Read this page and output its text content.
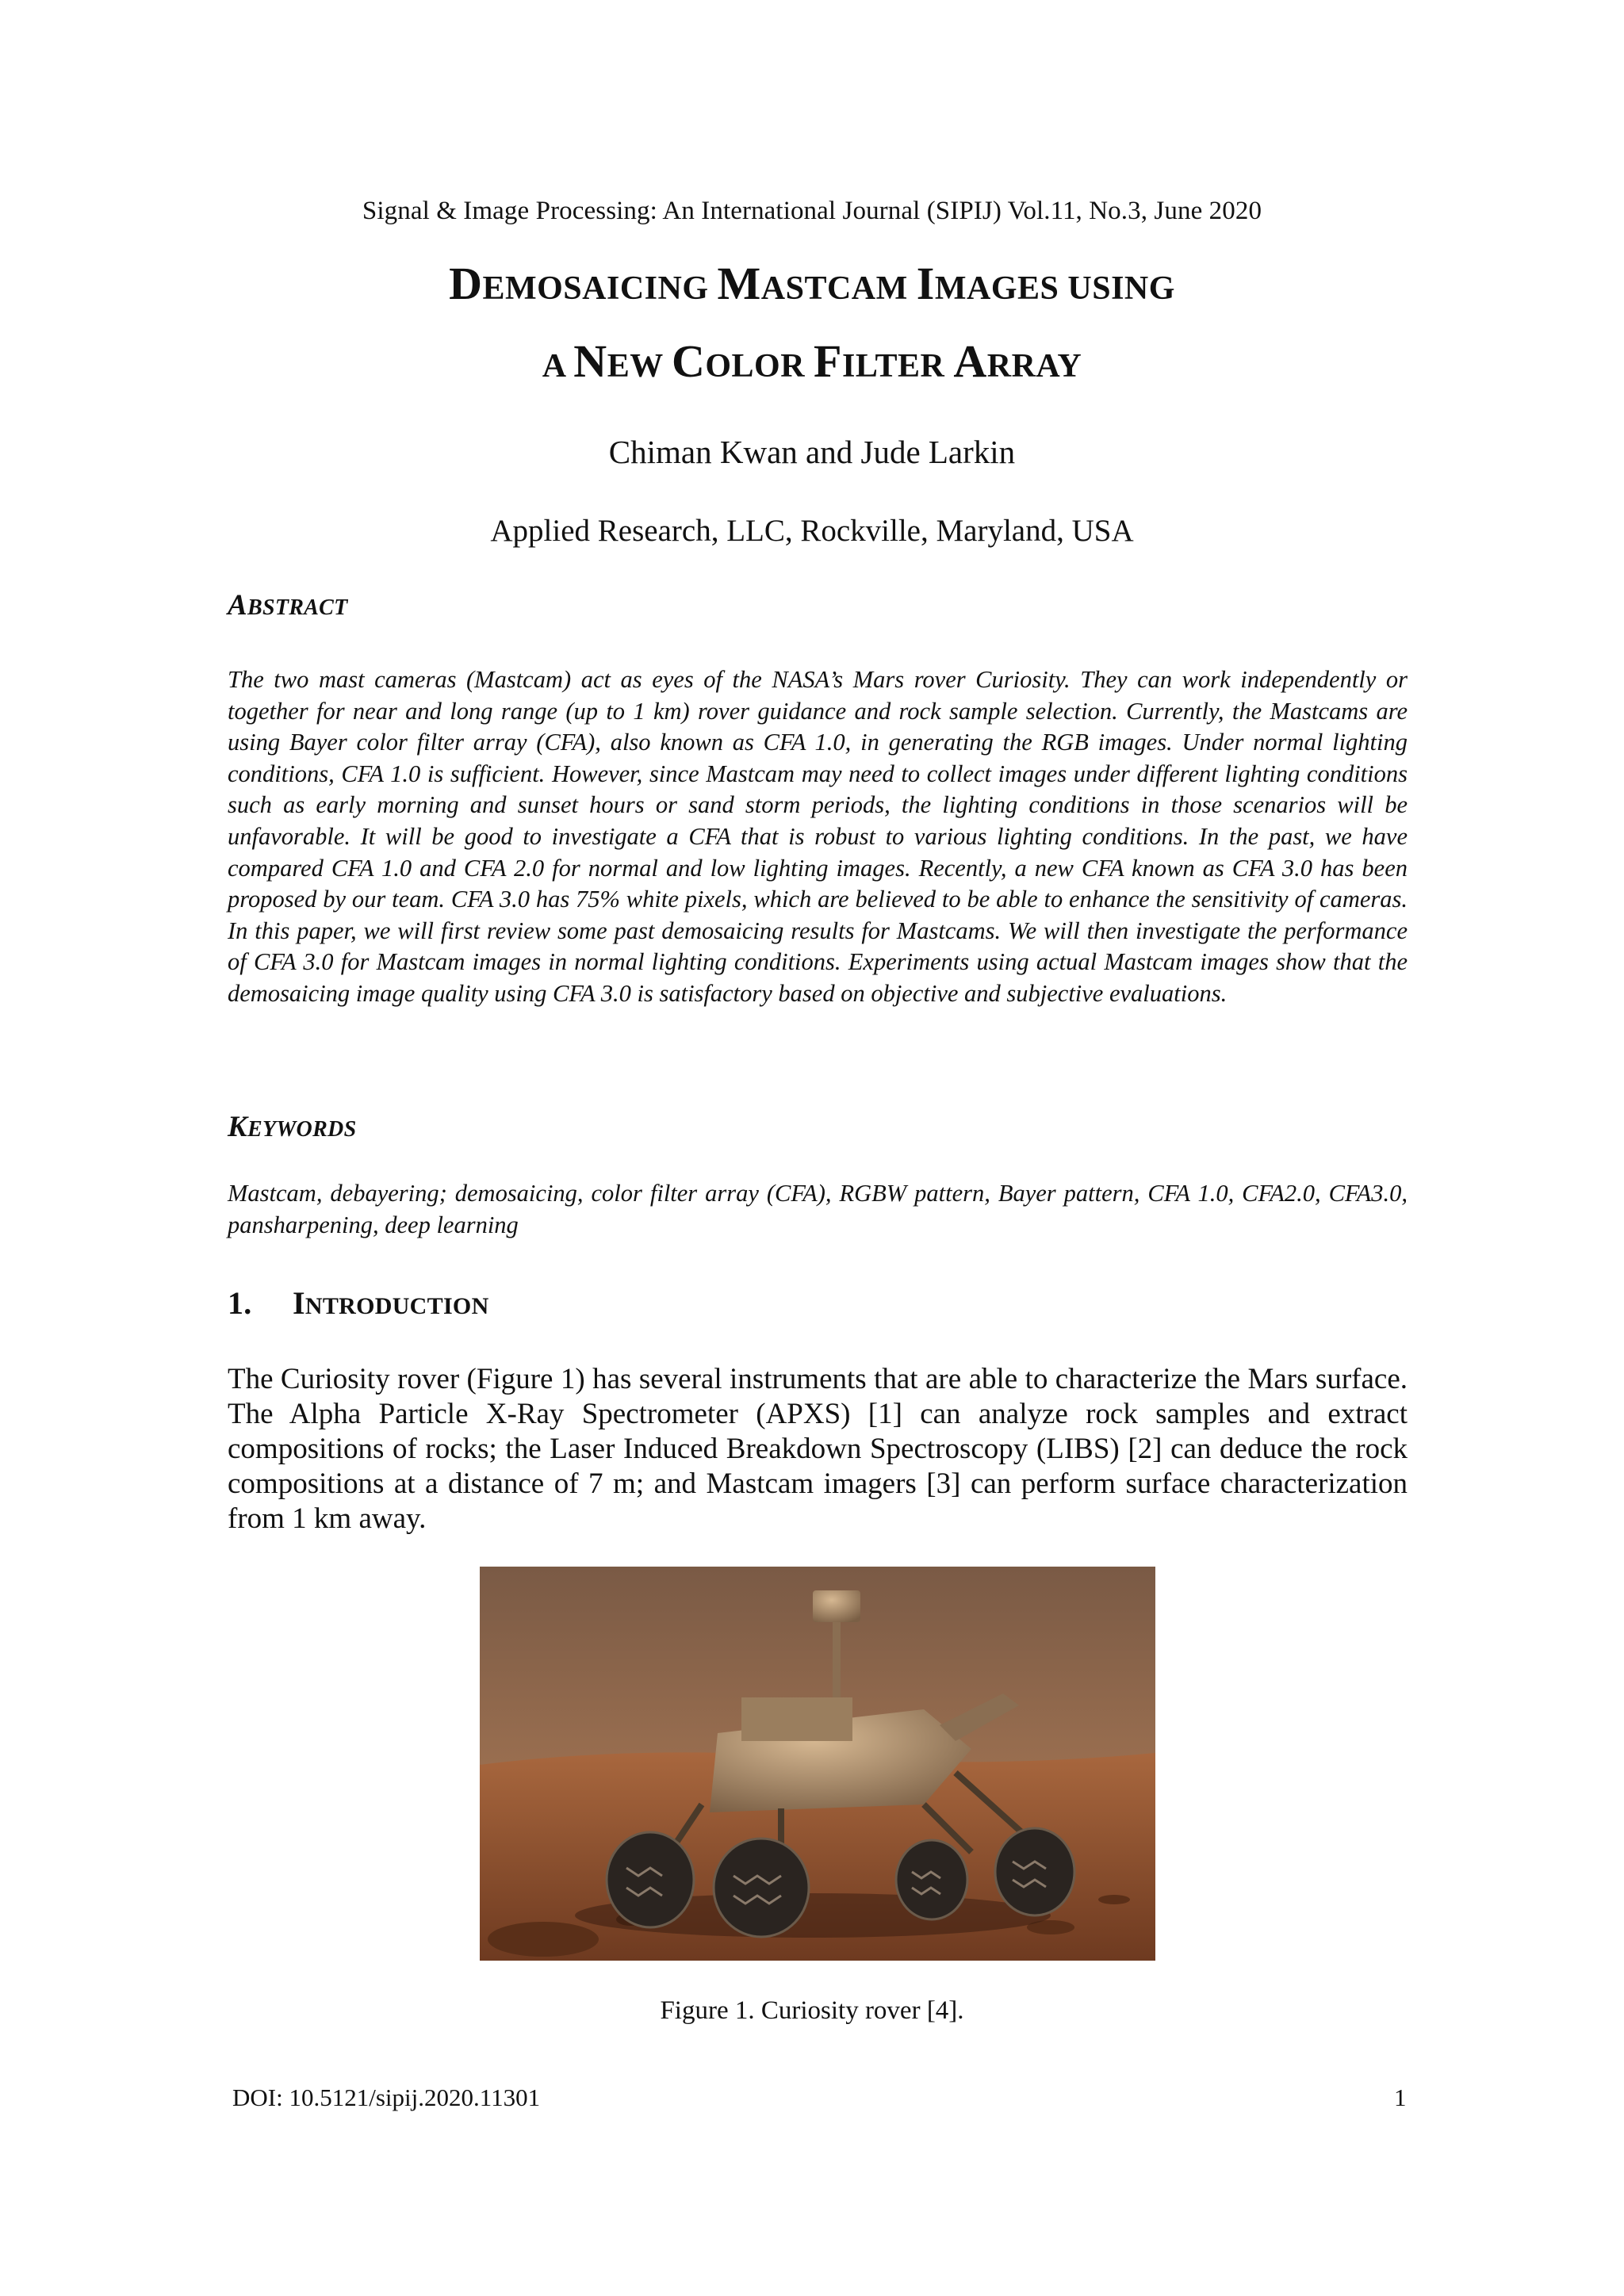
Signal & Image Processing: An International Journal (SIPIJ) Vol.11, No.3, June 2020
DEMOSAICING MASTCAM IMAGES USING
A NEW COLOR FILTER ARRAY
Chiman Kwan and Jude Larkin
Applied Research, LLC, Rockville, Maryland, USA
ABSTRACT
The two mast cameras (Mastcam) act as eyes of the NASA’s Mars rover Curiosity. They can work independently or together for near and long range (up to 1 km) rover guidance and rock sample selection. Currently, the Mastcams are using Bayer color filter array (CFA), also known as CFA 1.0, in generating the RGB images. Under normal lighting conditions, CFA 1.0 is sufficient. However, since Mastcam may need to collect images under different lighting conditions such as early morning and sunset hours or sand storm periods, the lighting conditions in those scenarios will be unfavorable. It will be good to investigate a CFA that is robust to various lighting conditions. In the past, we have compared CFA 1.0 and CFA 2.0 for normal and low lighting images. Recently, a new CFA known as CFA 3.0 has been proposed by our team. CFA 3.0 has 75% white pixels, which are believed to be able to enhance the sensitivity of cameras. In this paper, we will first review some past demosaicing results for Mastcams. We will then investigate the performance of CFA 3.0 for Mastcam images in normal lighting conditions. Experiments using actual Mastcam images show that the demosaicing image quality using CFA 3.0 is satisfactory based on objective and subjective evaluations.
KEYWORDS
Mastcam, debayering; demosaicing, color filter array (CFA), RGBW pattern, Bayer pattern, CFA 1.0, CFA2.0, CFA3.0, pansharpening, deep learning
1. INTRODUCTION
The Curiosity rover (Figure 1) has several instruments that are able to characterize the Mars surface. The Alpha Particle X-Ray Spectrometer (APXS) [1] can analyze rock samples and extract compositions of rocks; the Laser Induced Breakdown Spectroscopy (LIBS) [2] can deduce the rock compositions at a distance of 7 m; and Mastcam imagers [3] can perform surface characterization from 1 km away.
Figure 1. Curiosity rover [4].
DOI: 10.5121/sipij.2020.11301	1
